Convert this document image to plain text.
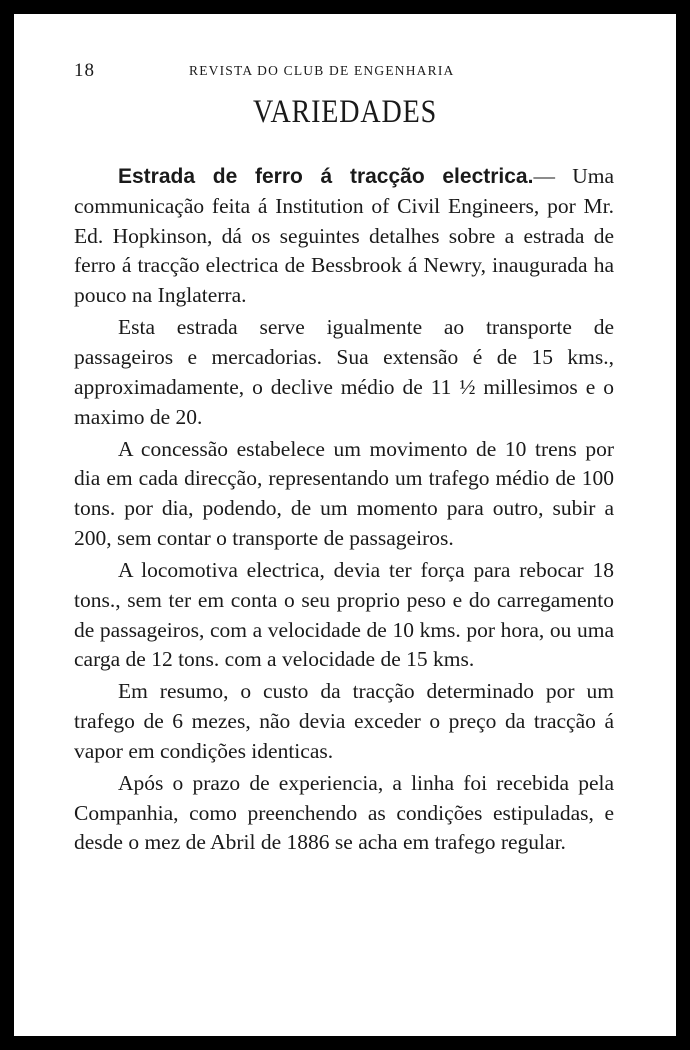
18	REVISTA DO CLUB DE ENGENHARIA
VARIEDADES

Estrada de ferro á tracção electrica.— Uma communicação feita á Institution of Civil Engineers, por Mr. Ed. Hopkinson, dá os seguintes detalhes sobre a estrada de ferro á tracção electrica de Bessbrook á Newry, inaugurada ha pouco na Inglaterra.

Esta estrada serve igualmente ao transporte de passageiros e mercadorias. Sua extensão é de 15 kms., approximadamente, o declive médio de 11 ½ millesimos e o maximo de 20.

A concessão estabelece um movimento de 10 trens por dia em cada direcção, representando um trafego médio de 100 tons. por dia, podendo, de um momento para outro, subir a 200, sem contar o transporte de passageiros.

A locomotiva electrica, devia ter força para rebocar 18 tons., sem ter em conta o seu proprio peso e do carregamento de passageiros, com a velocidade de 10 kms. por hora, ou uma carga de 12 tons. com a velocidade de 15 kms.

Em resumo, o custo da tracção determinado por um trafego de 6 mezes, não devia exceder o preço da tracção á vapor em condições identicas.

Após o prazo de experiencia, a linha foi recebida pela Companhia, como preenchendo as condições estipuladas, e desde o mez de Abril de 1886 se acha em trafego regular.
